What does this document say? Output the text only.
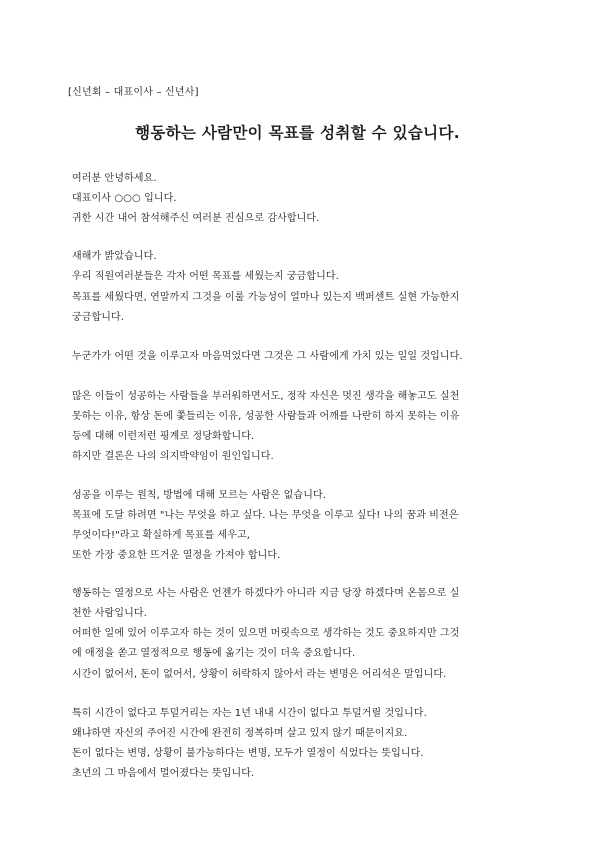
[신년회 – 대표이사 – 신년사]
행동하는 사람만이 목표를 성취할 수 있습니다.
여러분 안녕하세요.
대표이사 ○○○ 입니다.
귀한 시간 내어 참석해주신 여러분 진심으로 감사합니다.
새해가 밝았습니다.
우리 직원여러분들은 각자 어떤 목표를 세웠는지 궁금합니다.
목표를 세웠다면, 연말까지 그것을 이룰 가능성이 얼마나 있는지 백퍼센트 실현 가능한지
궁금합니다.
누군가가 어떤 것을 이루고자 마음먹었다면 그것은 그 사람에게 가치 있는 일일 것입니다.
많은 이들이 성공하는 사람들을 부러워하면서도, 정작 자신은 멋진 생각을 해놓고도 실천
못하는 이유, 항상 돈에 쫓들리는 이유, 성공한 사람들과 어깨를 나란히 하지 못하는 이유
등에 대해 이런저런 핑계로 정당화합니다.
하지만 결론은 나의 의지박약임이 원인입니다.
성공을 이루는 원칙, 방법에 대해 모르는 사람은 없습니다.
목표에 도달 하려면 "나는 무엇을 하고 싶다. 나는 무엇을 이루고 싶다! 나의 꿈과 비전은
무엇이다!"라고 확실하게 목표를 세우고,
또한 가장 중요한 뜨거운 열정을 가져야 합니다.
행동하는 열정으로 사는 사람은 언젠가 하겠다가 아니라 지금 당장 하겠다며 온몸으로 실
천한 사람입니다.
어떠한 일에 있어 이루고자 하는 것이 있으면 머릿속으로 생각하는 것도 중요하지만 그것
에 애정을 쏟고 열정적으로 행동에 옮기는 것이 더욱 중요합니다.
시간이 없어서, 돈이 없어서, 상황이 허락하지 않아서 라는 변명은 어리석은 말입니다.
특히 시간이 없다고 투덜거리는 자는 1년 내내 시간이 없다고 투덜거릴 것입니다.
왜냐하면 자신의 주어진 시간에 완전히 정복하며 살고 있지 않기 때문이지요.
돈이 없다는 변명, 상황이 불가능하다는 변명, 모두가 열정이 식었다는 뜻입니다.
초년의 그 마음에서 멀어졌다는 뜻입니다.
